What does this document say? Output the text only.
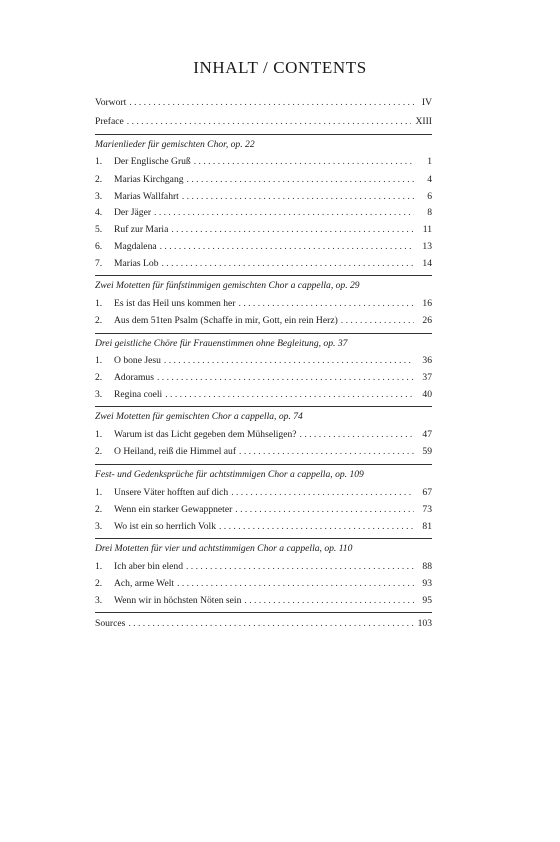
INHALT / CONTENTS
Vorwort . . .	IV
Preface . . .	XIII
Marienlieder für gemischten Chor, op. 22
1.	Der Englische Gruß . . .	1
2.	Marias Kirchgang . . .	4
3.	Marias Wallfahrt . . .	6
4.	Der Jäger . . .	8
5.	Ruf zur Maria . . .	11
6.	Magdalena . . .	13
7.	Marias Lob . . .	14
Zwei Motetten für fünfstimmigen gemischten Chor a cappella, op. 29
1.	Es ist das Heil uns kommen her . . .	16
2.	Aus dem 51ten Psalm (Schaffe in mir, Gott, ein rein Herz) . . .	26
Drei geistliche Chöre für Frauenstimmen ohne Begleitung, op. 37
1.	O bone Jesu . . .	36
2.	Adoramus . . .	37
3.	Regina coeli . . .	40
Zwei Motetten für gemischten Chor a cappella, op. 74
1.	Warum ist das Licht gegeben dem Mühseligen? . . .	47
2.	O Heiland, reiß die Himmel auf . . .	59
Fest- und Gedenksprüche für achtstimmigen Chor a cappella, op. 109
1.	Unsere Väter hofften auf dich . . .	67
2.	Wenn ein starker Gewappneter . . .	73
3.	Wo ist ein so herrlich Volk . . .	81
Drei Motetten für vier und achtstimmigen Chor a cappella, op. 110
1.	Ich aber bin elend . . .	88
2.	Ach, arme Welt . . .	93
3.	Wenn wir in höchsten Nöten sein . . .	95
Sources . . .	103
